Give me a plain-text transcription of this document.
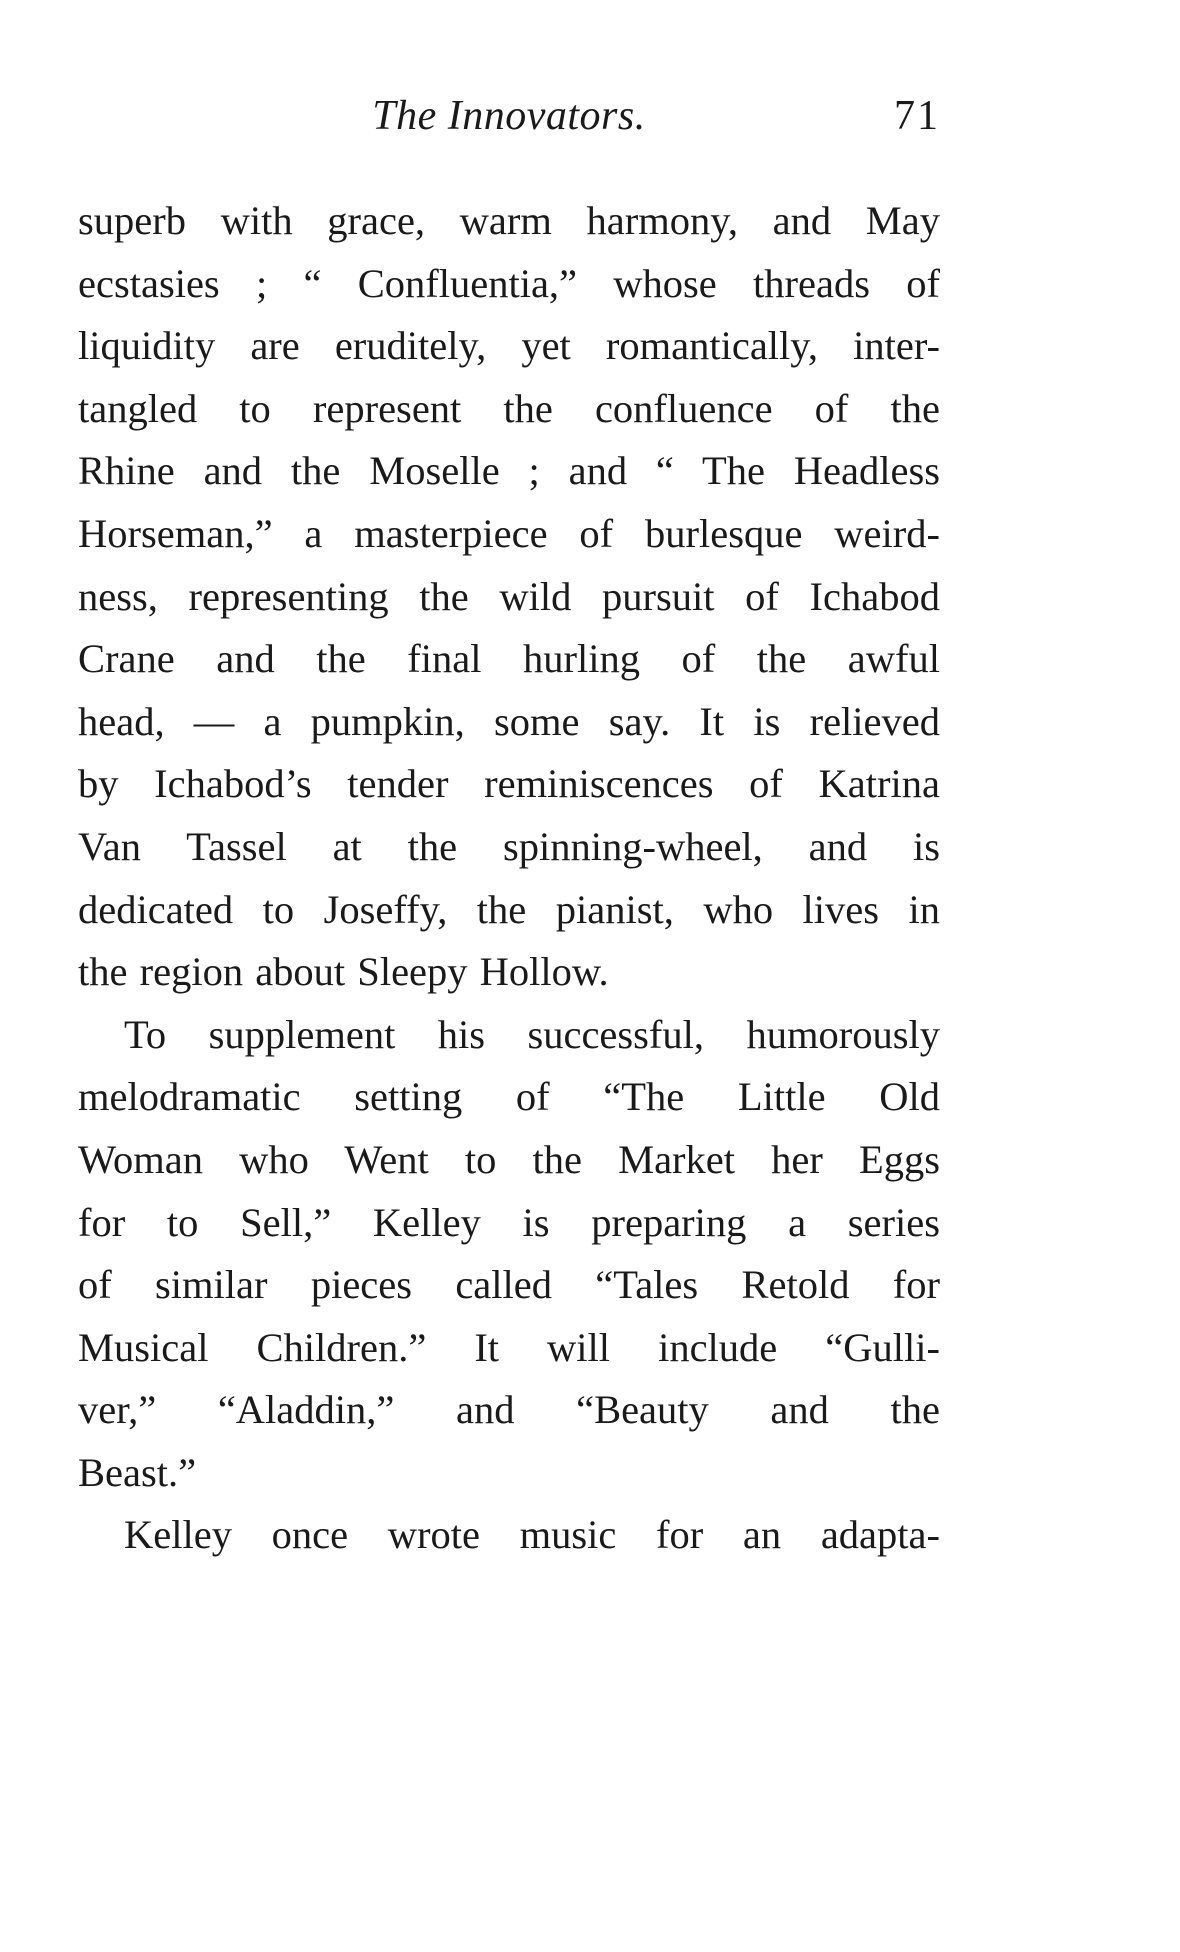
The Innovators.	71
superb with grace, warm harmony, and May
ecstasies ; “ Confluentia,” whose threads of
liquidity are eruditely, yet romantically, inter-
tangled to represent the confluence of the
Rhine and the Moselle ; and “ The Headless
Horseman,” a masterpiece of burlesque weird-
ness, representing the wild pursuit of Ichabod
Crane and the final hurling of the awful
head, — a pumpkin, some say. It is relieved
by Ichabod’s tender reminiscences of Katrina
Van Tassel at the spinning-wheel, and is
dedicated to Joseffy, the pianist, who lives in
the region about Sleepy Hollow.
To supplement his successful, humorously
melodramatic setting of “The Little Old
Woman who Went to the Market her Eggs
for to Sell,” Kelley is preparing a series
of similar pieces called “Tales Retold for
Musical Children.” It will include “Gulli-
ver,” “Aladdin,” and “Beauty and the
Beast.”
Kelley once wrote music for an adapta-
